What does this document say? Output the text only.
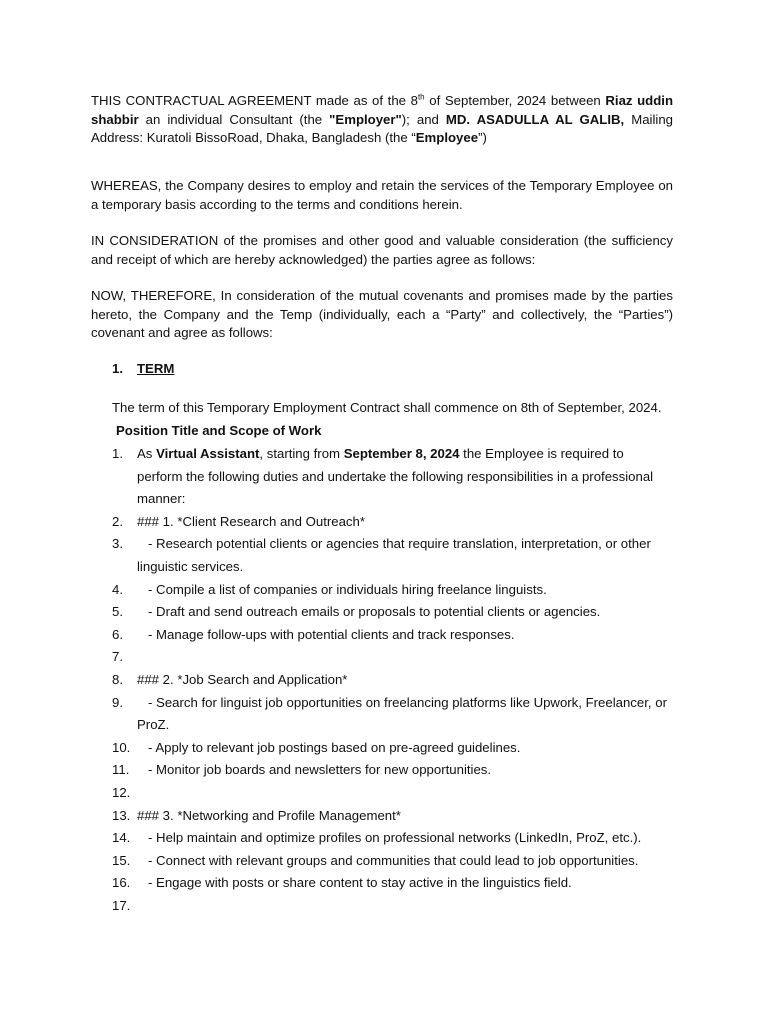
THIS CONTRACTUAL AGREEMENT made as of the 8th of September, 2024 between Riaz uddin shabbir an individual Consultant (the "Employer"); and MD. ASADULLA AL GALIB, Mailing Address: Kuratoli BissoRoad, Dhaka, Bangladesh (the “Employee”)

WHEREAS, the Company desires to employ and retain the services of the Temporary Employee on a temporary basis according to the terms and conditions herein.

IN CONSIDERATION of the promises and other good and valuable consideration (the sufficiency and receipt of which are hereby acknowledged) the parties agree as follows:

NOW, THEREFORE, In consideration of the mutual covenants and promises made by the parties hereto, the Company and the Temp (individually, each a “Party” and collectively, the “Parties”) covenant and agree as follows:

1. TERM
The term of this Temporary Employment Contract shall commence on 8th of September, 2024.
Position Title and Scope of Work
1. As Virtual Assistant, starting from September 8, 2024 the Employee is required to perform the following duties and undertake the following responsibilities in a professional manner:
2. ### 1. *Client Research and Outreach*
3. - Research potential clients or agencies that require translation, interpretation, or other linguistic services.
4. - Compile a list of companies or individuals hiring freelance linguists.
5. - Draft and send outreach emails or proposals to potential clients or agencies.
6. - Manage follow-ups with potential clients and track responses.
7.
8. ### 2. *Job Search and Application*
9. - Search for linguist job opportunities on freelancing platforms like Upwork, Freelancer, or ProZ.
10. - Apply to relevant job postings based on pre-agreed guidelines.
11. - Monitor job boards and newsletters for new opportunities.
12.
13. ### 3. *Networking and Profile Management*
14. - Help maintain and optimize profiles on professional networks (LinkedIn, ProZ, etc.).
15. - Connect with relevant groups and communities that could lead to job opportunities.
16. - Engage with posts or share content to stay active in the linguistics field.
17.
